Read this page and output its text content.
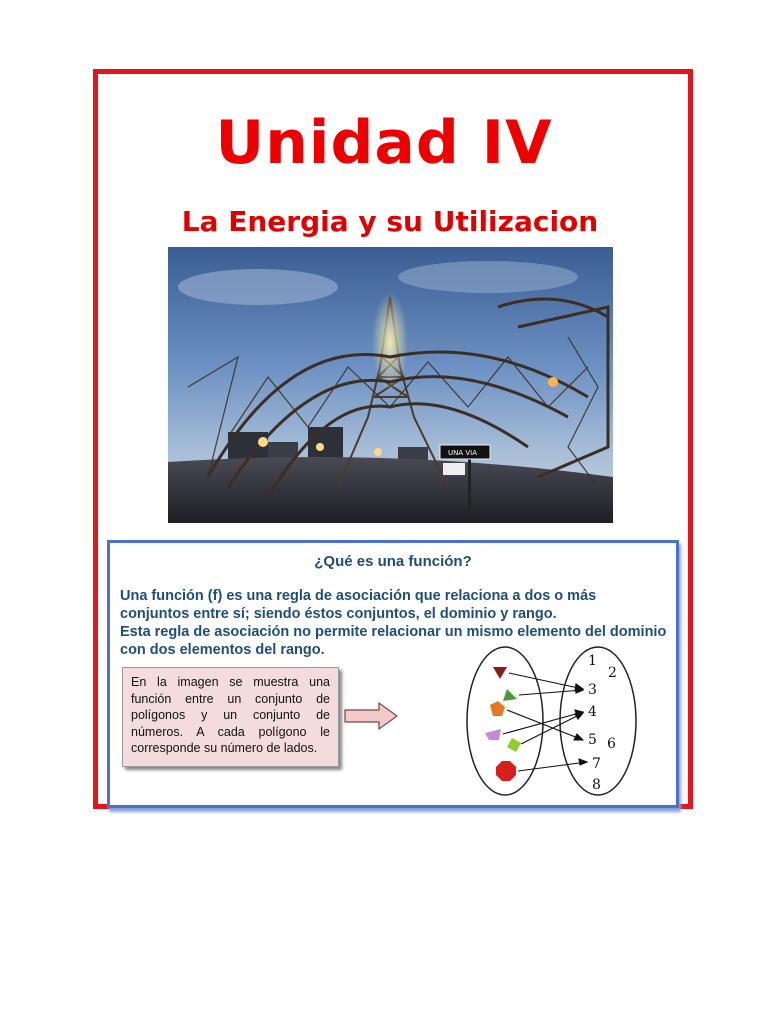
Unidad IV
La Energia y su Utilizacion
UNA VIA
¿Qué es una función?
Una función (f) es una regla de asociación que relaciona a dos o más conjuntos entre sí; siendo éstos conjuntos, el dominio y rango.
Esta regla de asociación no permite relacionar un mismo elemento del dominio con dos elementos del rango.
En la imagen se muestra una función entre un conjunto de polígonos y un conjunto de números. A cada polígono le corresponde su número de lados.
1
2
3
4
5 6
7
8
